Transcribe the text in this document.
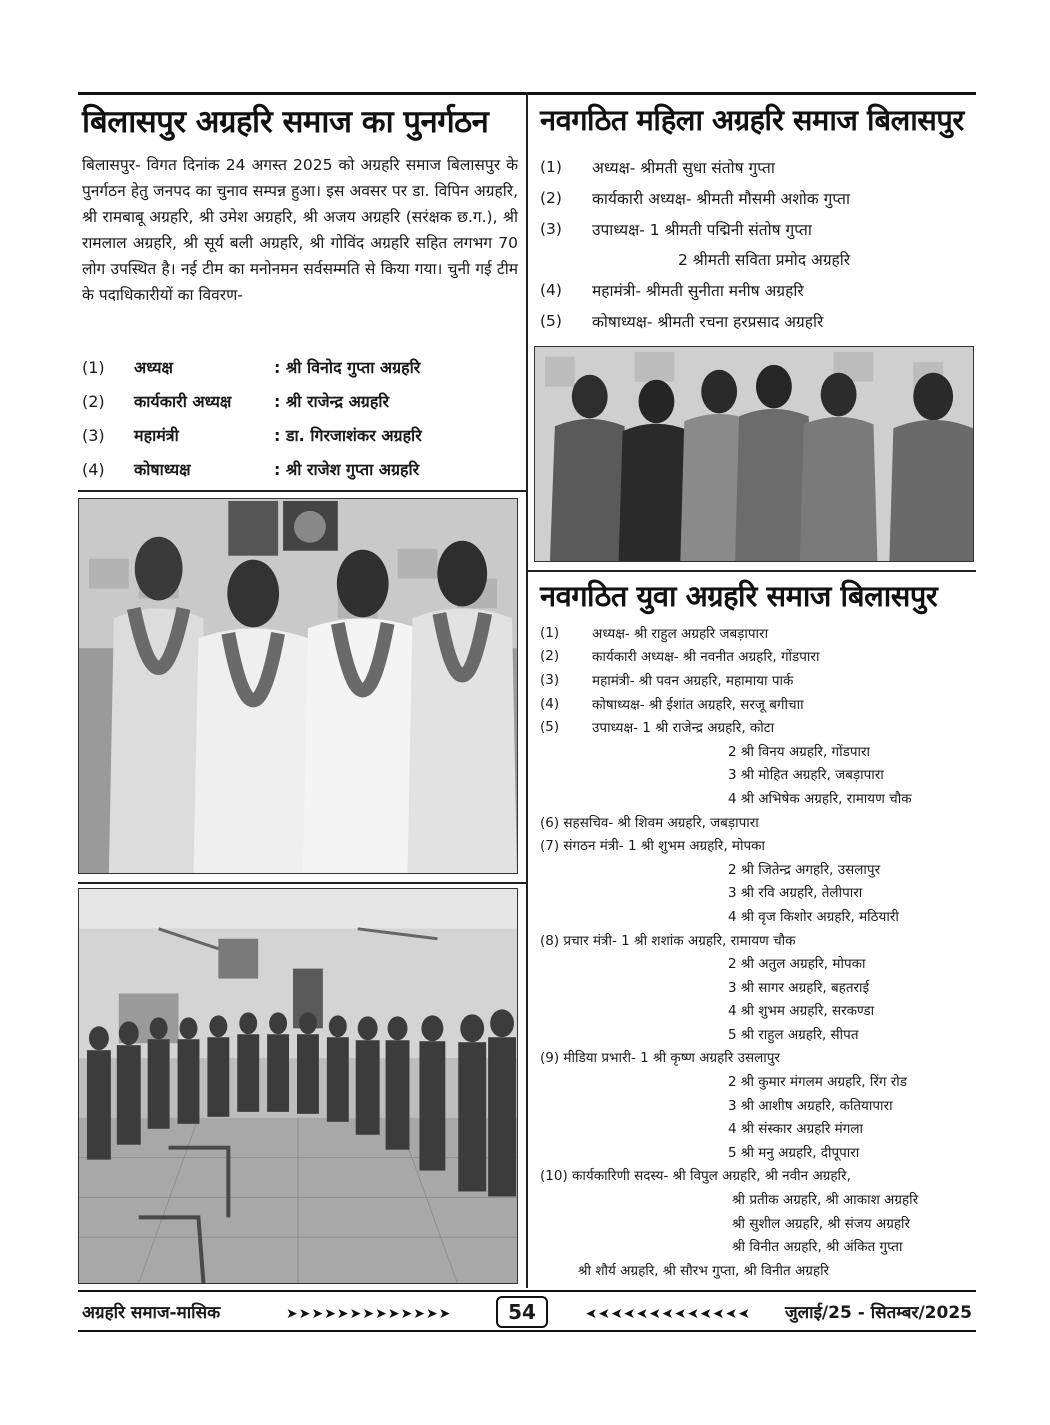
बिलासपुर अग्रहरि समाज का पुनर्गठन
बिलासपुर- विगत दिनांक 24 अगस्त 2025 को अग्रहरि समाज बिलासपुर के पुनर्गठन हेतु जनपद का चुनाव सम्पन्न हुआ। इस अवसर पर डा. विपिन अग्रहरि, श्री रामबाबू अग्रहरि, श्री उमेश अग्रहरि, श्री अजय अग्रहरि (सरंक्षक छ.ग.), श्री रामलाल अग्रहरि, श्री सूर्य बली अग्रहरि, श्री गोविंद अग्रहरि सहित लगभग 70 लोग उपस्थित है। नई टीम का मनोनमन सर्वसम्मति से किया गया। चुनी गई टीम के पदाधिकारीयों का विवरण-
(1)	अध्यक्ष	: श्री विनोद गुप्ता अग्रहरि
(2)	कार्यकारी अध्यक्ष	: श्री राजेन्द्र अग्रहरि
(3)	महामंत्री	: डा. गिरजाशंकर अग्रहरि
(4)	कोषाध्यक्ष	: श्री राजेश गुप्ता अग्रहरि
नवगठित महिला अग्रहरि समाज बिलासपुर
(1)	अध्यक्ष- श्रीमती सुधा संतोष गुप्ता
(2)	कार्यकारी अध्यक्ष- श्रीमती मौसमी अशोक गुप्ता
(3)	उपाध्यक्ष- 1 श्रीमती पद्मिनी संतोष गुप्ता
2 श्रीमती सविता प्रमोद अग्रहरि
(4)	महामंत्री- श्रीमती सुनीता मनीष अग्रहरि
(5)	कोषाध्यक्ष- श्रीमती रचना हरप्रसाद अग्रहरि
नवगठित युवा अग्रहरि समाज बिलासपुर
(1)	अध्यक्ष- श्री राहुल अग्रहरि जबड़ापारा
(2)	कार्यकारी अध्यक्ष- श्री नवनीत अग्रहरि, गोंडपारा
(3)	महामंत्री- श्री पवन अग्रहरि, महामाया पार्क
(4)	कोषाध्यक्ष- श्री ईशांत अग्रहरि, सरजू बगीचाा
(5)	उपाध्यक्ष- 1 श्री राजेन्द्र अग्रहरि, कोटा
2 श्री विनय अग्रहरि, गोंडपारा
3 श्री मोहित अग्रहरि, जबड़ापारा
4 श्री अभिषेक अग्रहरि, रामायण चौक
(6) सहसचिव- श्री शिवम अग्रहरि, जबड़ापारा
(7) संगठन मंत्री- 1 श्री शुभम अग्रहरि, मोपका
2 श्री जितेन्द्र अगहरि, उसलापुर
3 श्री रवि अग्रहरि, तेलीपारा
4 श्री वृज किशोर अग्रहरि, मठियारी
(8) प्रचार मंत्री- 1 श्री शशांक अग्रहरि, रामायण चौक
2 श्री अतुल अग्रहरि, मोपका
3 श्री सागर अग्रहरि, बहतराई
4 श्री शुभम अग्रहरि, सरकण्डा
5 श्री राहुल अग्रहरि, सीपत
(9) मीडिया प्रभारी- 1 श्री कृष्ण अग्रहरि उसलापुर
2 श्री कुमार मंगलम अग्रहरि, रिंग रोड
3 श्री आशीष अग्रहरि, कतियापारा
4 श्री संस्कार अग्रहरि मंगला
5 श्री मनु अग्रहरि, दीपूपारा
(10) कार्यकारिणी सदस्य- श्री विपुल अग्रहरि, श्री नवीन अग्रहरि,
श्री प्रतीक अग्रहरि, श्री आकाश अग्रहरि
श्री सुशील अग्रहरि, श्री संजय अग्रहरि
श्री विनीत अग्रहरि, श्री अंकित गुप्ता
श्री शौर्य अग्रहरि, श्री सौरभ गुप्ता, श्री विनीत अग्रहरि
अग्रहरि समाज-मासिक	➤➤➤➤➤➤➤➤➤➤➤➤➤	54	➤➤➤➤➤➤➤➤➤➤➤➤➤ जुलाई/25 - सितम्बर/2025
